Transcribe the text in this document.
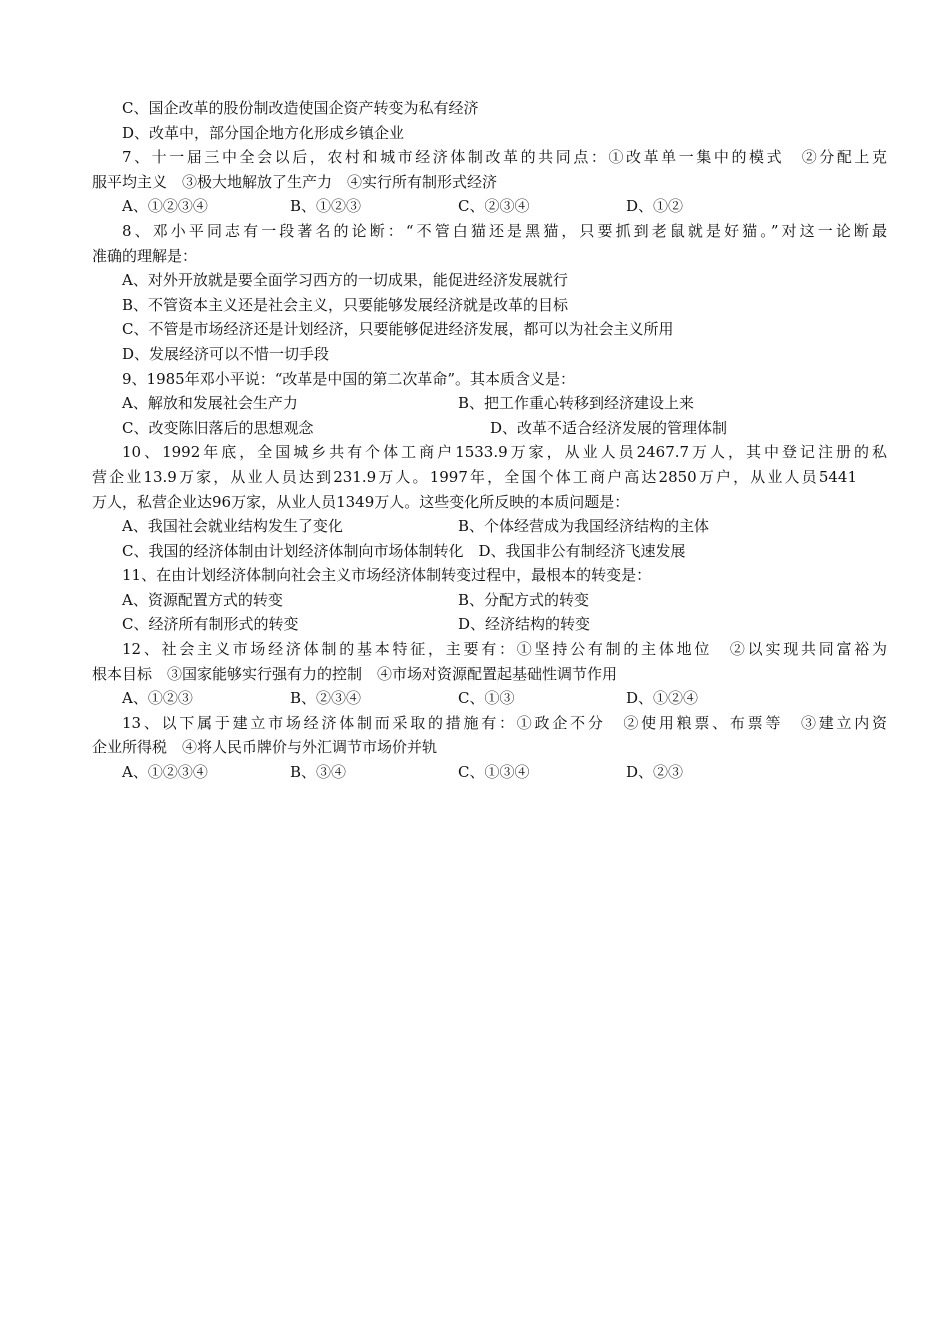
C、国企改革的股份制改造使国企资产转变为私有经济
D、改革中，部分国企地方化形成乡镇企业
7、十一届三中全会以后，农村和城市经济体制改革的共同点：①改革单一集中的模式　②分配上克
服平均主义　③极大地解放了生产力　④实行所有制形式经济
A、①②③④	B、①②③	C、②③④	D、①②
8、邓小平同志有一段著名的论断：“不管白猫还是黑猫，只要抓到老鼠就是好猫。”对这一论断最
准确的理解是：
A、对外开放就是要全面学习西方的一切成果，能促进经济发展就行
B、不管资本主义还是社会主义，只要能够发展经济就是改革的目标
C、不管是市场经济还是计划经济，只要能够促进经济发展，都可以为社会主义所用
D、发展经济可以不惜一切手段
9、1985年邓小平说：“改革是中国的第二次革命”。其本质含义是：
A、解放和发展社会生产力	B、把工作重心转移到经济建设上来
C、改变陈旧落后的思想观念	D、改革不适合经济发展的管理体制
10、1992年底，全国城乡共有个体工商户1533.9万家，从业人员2467.7万人，其中登记注册的私
营企业13.9万家，从业人员达到231.9万人。1997年，全国个体工商户高达2850万户，从业人员5441
万人，私营企业达96万家，从业人员1349万人。这些变化所反映的本质问题是：
A、我国社会就业结构发生了变化	B、个体经营成为我国经济结构的主体
C、我国的经济体制由计划经济体制向市场体制转化　D、我国非公有制经济飞速发展
11、在由计划经济体制向社会主义市场经济体制转变过程中，最根本的转变是：
A、资源配置方式的转变	B、分配方式的转变
C、经济所有制形式的转变	D、经济结构的转变
12、社会主义市场经济体制的基本特征，主要有：①坚持公有制的主体地位　②以实现共同富裕为
根本目标　③国家能够实行强有力的控制　④市场对资源配置起基础性调节作用
A、①②③	B、②③④	C、①③	D、①②④
13、以下属于建立市场经济体制而采取的措施有：①政企不分　②使用粮票、布票等　③建立内资
企业所得税　④将人民币牌价与外汇调节市场价并轨
A、①②③④	B、③④	C、①③④	D、②③
